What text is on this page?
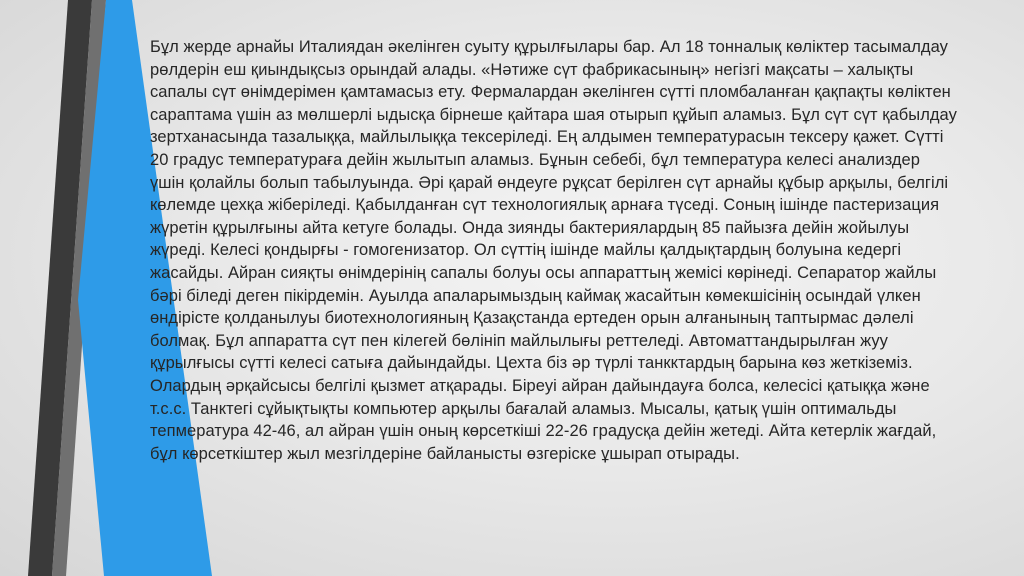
• Бұл жерде арнайы Италиядан әкелінген суыту құрылғылары бар. Ал 18 тонналық көліктер тасымалдау рөлдерін еш қиындықсыз орындай алады. «Нәтиже сүт фабрикасының» негізгі мақсаты – халықты сапалы сүт өнімдерімен қамтамасыз ету. Фермалардан әкелінген сүтті пломбаланған қақпақты көліктен сараптама үшін аз мөлшерлі ыдысқа бірнеше қайтара шая отырып құйып аламыз. Бұл сүт сүт қабылдау зертханасында тазалыққа, майлылыққа тексеріледі. Ең алдымен температурасын тексеру қажет. Сүтті 20 градус температураға дейін жылытып аламыз. Бұнын себебі, бұл температура келесі анализдер үшін қолайлы болып табылуында. Әрі қарай өндеуге рұқсат берілген сүт арнайы құбыр арқылы, белгілі көлемде цехқа жіберіледі. Қабылданған сүт технологиялық арнаға түседі. Соның ішінде пастеризация жүретін құрылғыны айта кетуге болады. Онда зиянды бактериялардың 85 пайызға дейін жойылуы жүреді. Келесі қондырғы - гомогенизатор. Ол сүттің ішінде майлы қалдықтардың болуына кедергі жасайды. Айран сияқты өнімдерінің сапалы болуы осы аппараттың жемісі көрінеді. Сепаратор жайлы бәрі біледі деген пікірдемін. Ауылда апаларымыздың каймақ жасайтын көмекшісінің осындай үлкен өндірісте қолданылуы биотехнологияның Қазақстанда ертеден орын алғанының таптырмас дәлелі болмақ. Бұл аппаратта сүт пен кілегей бөлініп майлылығы реттеледі. Автоматтандырылған жуу құрылғысы сүтті келесі сатыға дайындайды. Цехта біз әр түрлі танкктардың барына көз жеткіземіз. Олардың әрқайсысы белгілі қызмет атқарады. Біреуі айран дайындауға болса, келесісі қатыққа және т.с.с. Танктегі сұйықтықты компьютер арқылы бағалай аламыз. Мысалы, қатық үшін оптимальды тепмература 42-46, ал айран үшін оның көрсеткіші 22-26 градусқа дейін жетеді. Айта кетерлік жағдай, бұл көрсеткіштер жыл мезгілдеріне байланысты өзгеріске ұшырап отырады.
